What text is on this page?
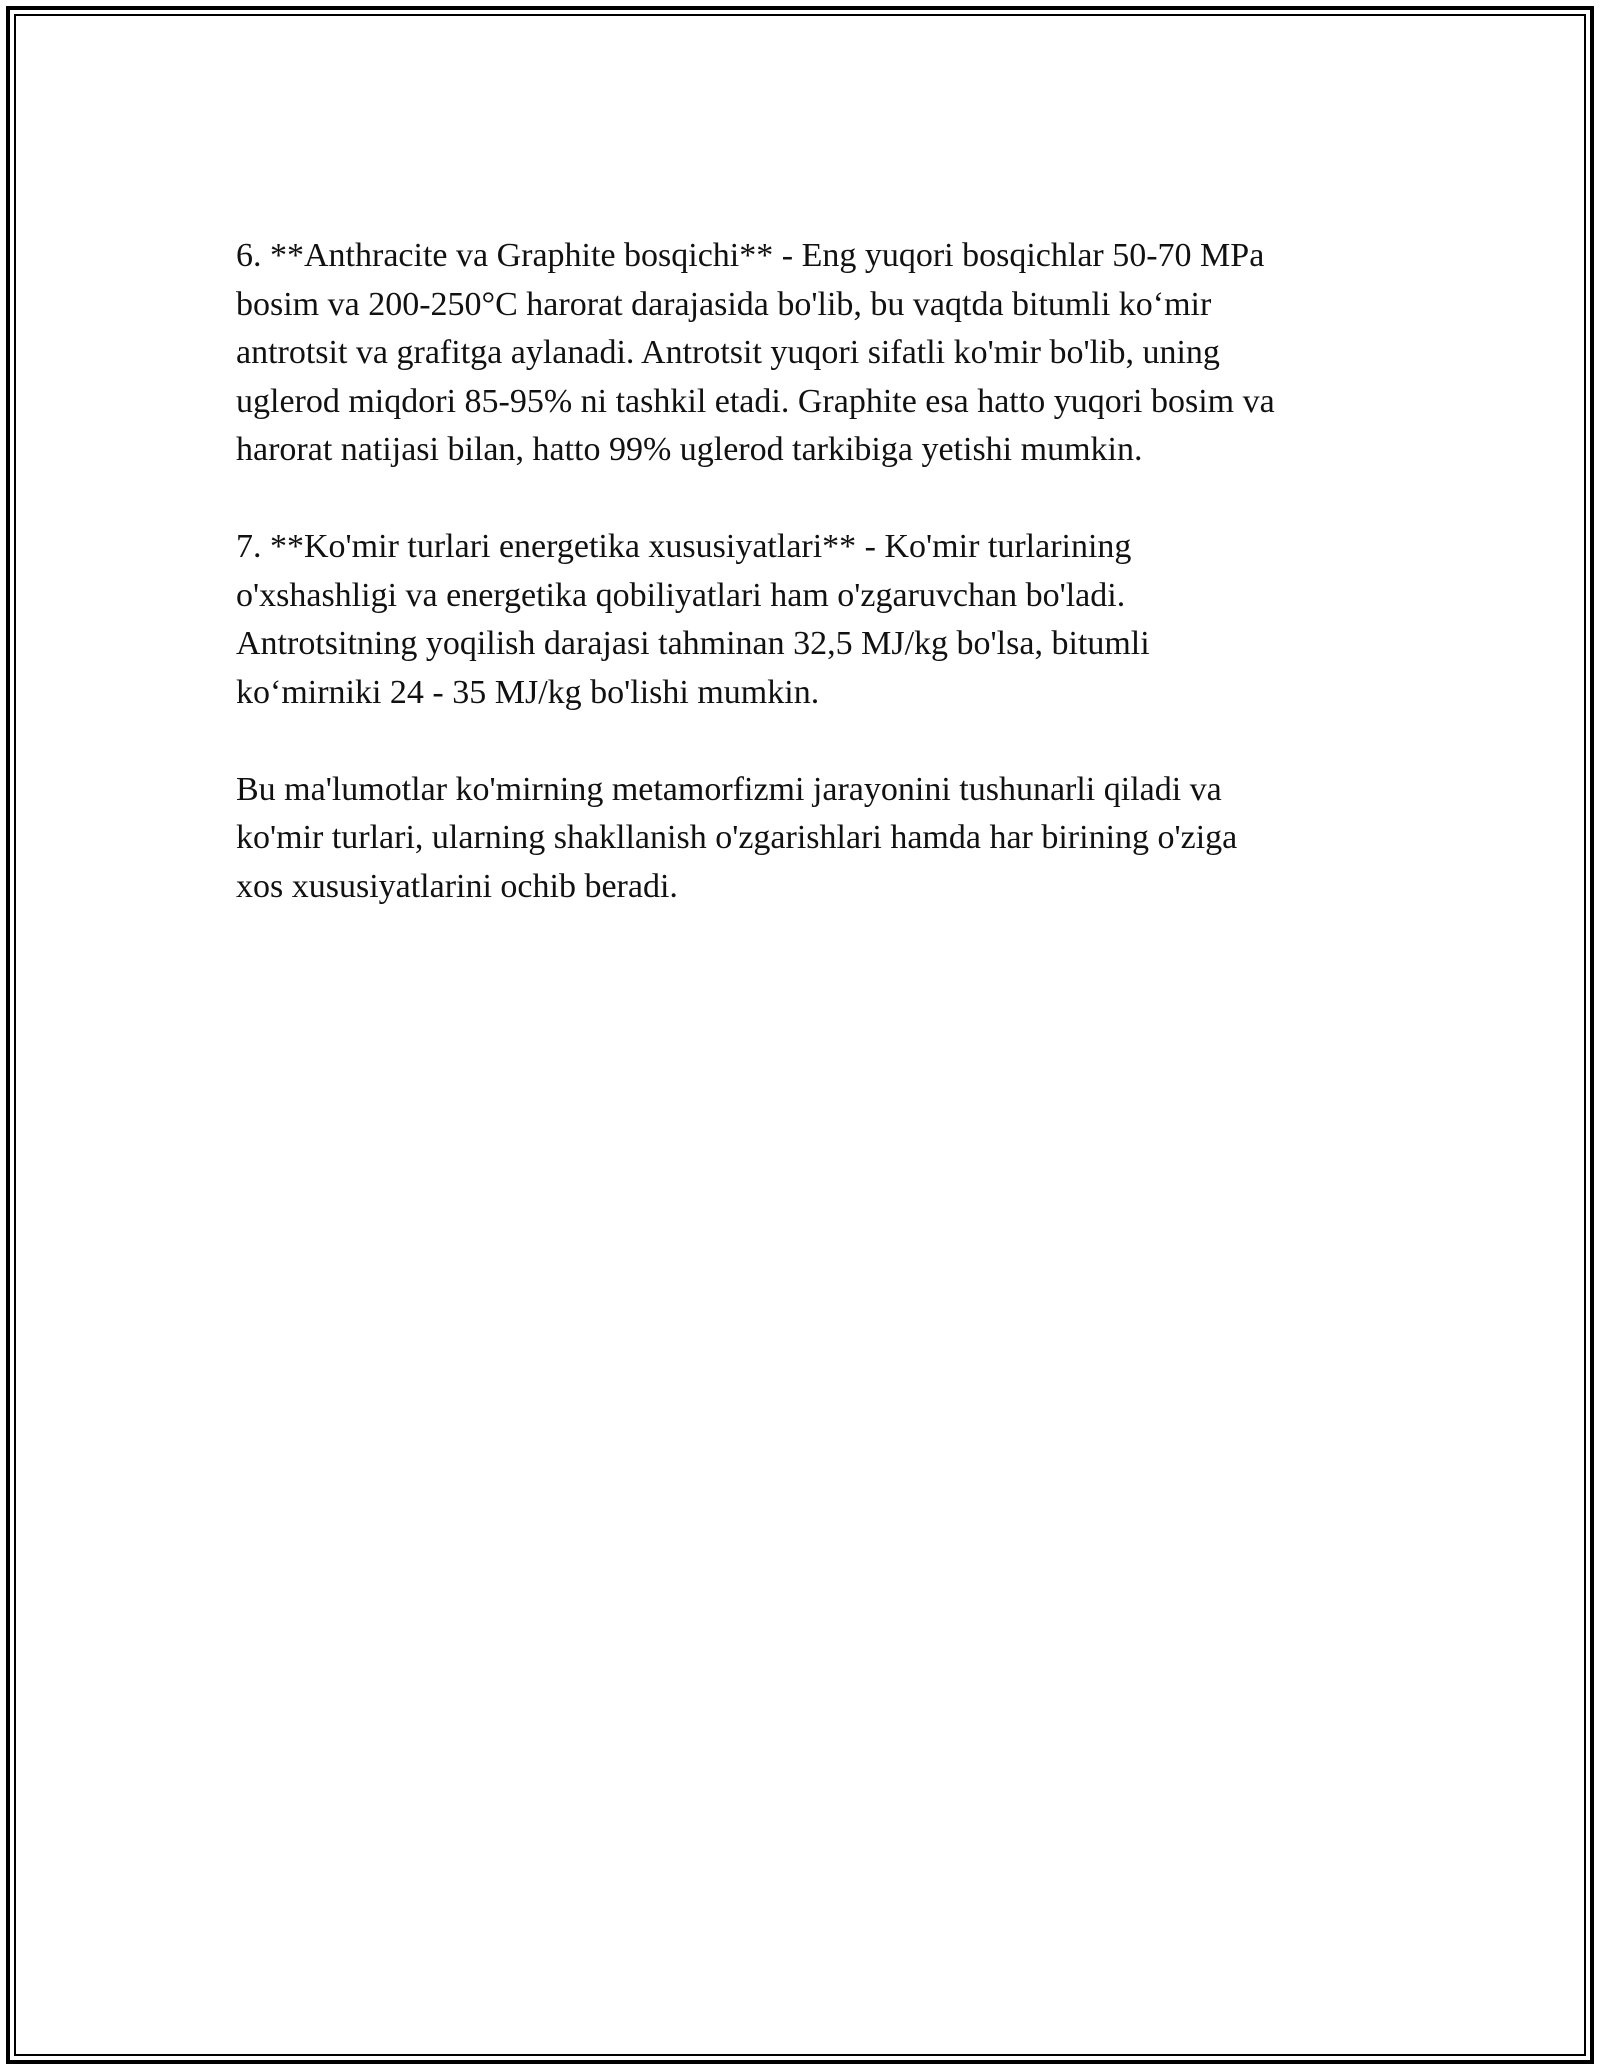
6. **Anthracite va Graphite bosqichi** - Eng yuqori bosqichlar 50-70 MPa
bosim va 200-250°C harorat darajasida bo'lib, bu vaqtda bitumli ko‘mir
antrotsit va grafitga aylanadi. Antrotsit yuqori sifatli ko'mir bo'lib, uning
uglerod miqdori 85-95% ni tashkil etadi. Graphite esa hatto yuqori bosim va
harorat natijasi bilan, hatto 99% uglerod tarkibiga yetishi mumkin.

7. **Ko'mir turlari energetika xususiyatlari** - Ko'mir turlarining
o'xshashligi va energetika qobiliyatlari ham o'zgaruvchan bo'ladi.
Antrotsitning yoqilish darajasi tahminan 32,5 MJ/kg bo'lsa, bitumli
ko‘mirniki 24 - 35 MJ/kg bo'lishi mumkin.

Bu ma'lumotlar ko'mirning metamorfizmi jarayonini tushunarli qiladi va
ko'mir turlari, ularning shakllanish o'zgarishlari hamda har birining o'ziga
xos xususiyatlarini ochib beradi.
